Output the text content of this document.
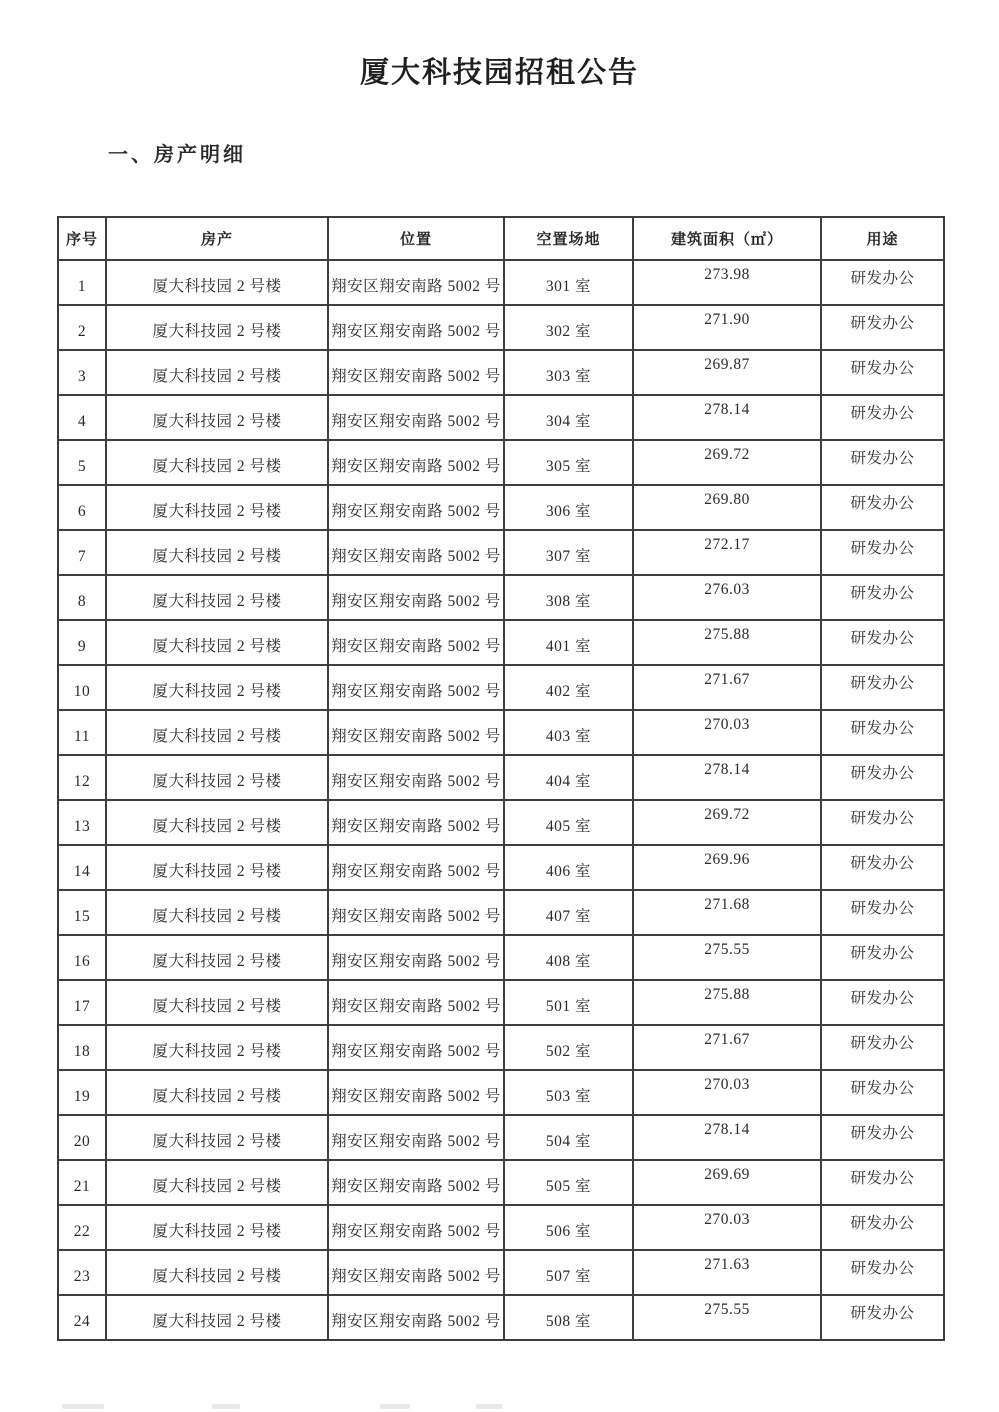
厦大科技园招租公告
一、房产明细
序号	房产	位置	空置场地	建筑面积（㎡）	用途
1	厦大科技园 2 号楼	翔安区翔安南路 5002 号	301 室	273.98	研发办公
2	厦大科技园 2 号楼	翔安区翔安南路 5002 号	302 室	271.90	研发办公
3	厦大科技园 2 号楼	翔安区翔安南路 5002 号	303 室	269.87	研发办公
4	厦大科技园 2 号楼	翔安区翔安南路 5002 号	304 室	278.14	研发办公
5	厦大科技园 2 号楼	翔安区翔安南路 5002 号	305 室	269.72	研发办公
6	厦大科技园 2 号楼	翔安区翔安南路 5002 号	306 室	269.80	研发办公
7	厦大科技园 2 号楼	翔安区翔安南路 5002 号	307 室	272.17	研发办公
8	厦大科技园 2 号楼	翔安区翔安南路 5002 号	308 室	276.03	研发办公
9	厦大科技园 2 号楼	翔安区翔安南路 5002 号	401 室	275.88	研发办公
10	厦大科技园 2 号楼	翔安区翔安南路 5002 号	402 室	271.67	研发办公
11	厦大科技园 2 号楼	翔安区翔安南路 5002 号	403 室	270.03	研发办公
12	厦大科技园 2 号楼	翔安区翔安南路 5002 号	404 室	278.14	研发办公
13	厦大科技园 2 号楼	翔安区翔安南路 5002 号	405 室	269.72	研发办公
14	厦大科技园 2 号楼	翔安区翔安南路 5002 号	406 室	269.96	研发办公
15	厦大科技园 2 号楼	翔安区翔安南路 5002 号	407 室	271.68	研发办公
16	厦大科技园 2 号楼	翔安区翔安南路 5002 号	408 室	275.55	研发办公
17	厦大科技园 2 号楼	翔安区翔安南路 5002 号	501 室	275.88	研发办公
18	厦大科技园 2 号楼	翔安区翔安南路 5002 号	502 室	271.67	研发办公
19	厦大科技园 2 号楼	翔安区翔安南路 5002 号	503 室	270.03	研发办公
20	厦大科技园 2 号楼	翔安区翔安南路 5002 号	504 室	278.14	研发办公
21	厦大科技园 2 号楼	翔安区翔安南路 5002 号	505 室	269.69	研发办公
22	厦大科技园 2 号楼	翔安区翔安南路 5002 号	506 室	270.03	研发办公
23	厦大科技园 2 号楼	翔安区翔安南路 5002 号	507 室	271.63	研发办公
24	厦大科技园 2 号楼	翔安区翔安南路 5002 号	508 室	275.55	研发办公
